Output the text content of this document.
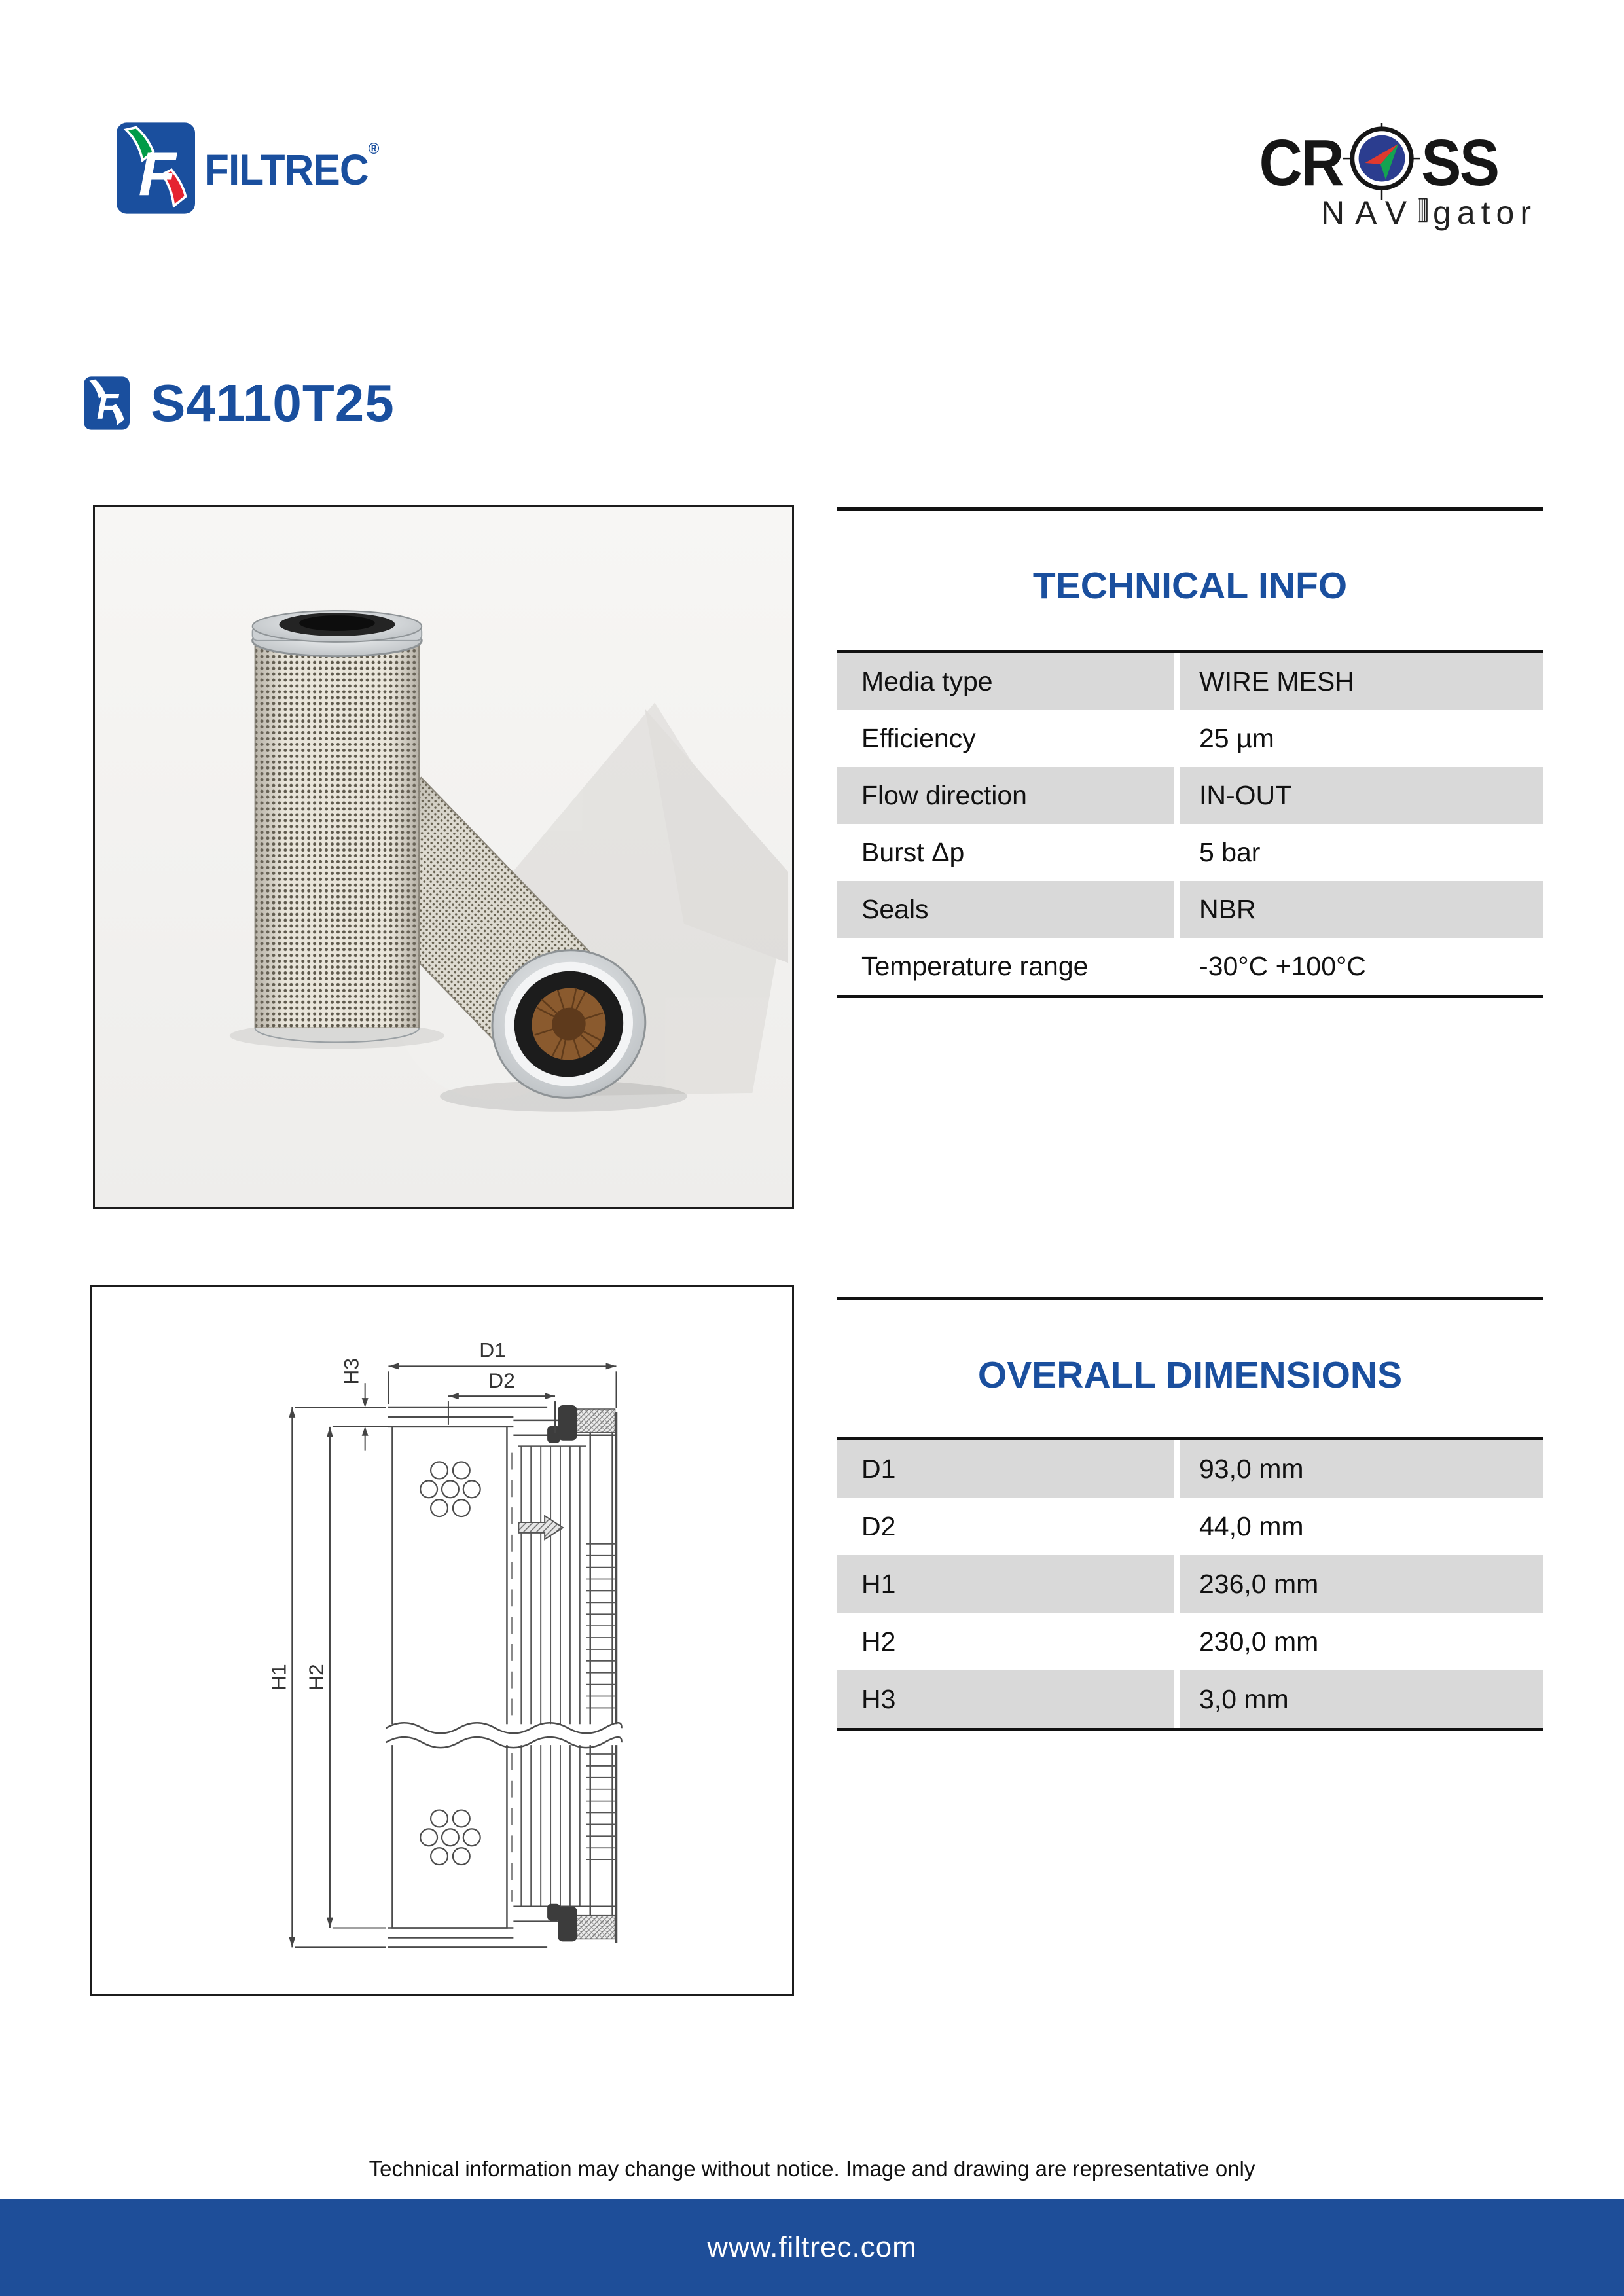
F FILTREC®	CR SS
NAV gator
F S4110T25
TECHNICAL INFO
Media type	WIRE MESH
Efficiency	25 µm
Flow direction	IN-OUT
Burst Δp	5 bar
Seals	NBR
Temperature range	-30°C +100°C
D1
D2
H1 H2
H3	OVERALL DIMENSIONS
D1	93,0 mm
D2	44,0 mm
H1	236,0 mm
H2	230,0 mm
H3	3,0 mm
Technical information may change without notice. Image and drawing are representative only
www.filtrec.com
